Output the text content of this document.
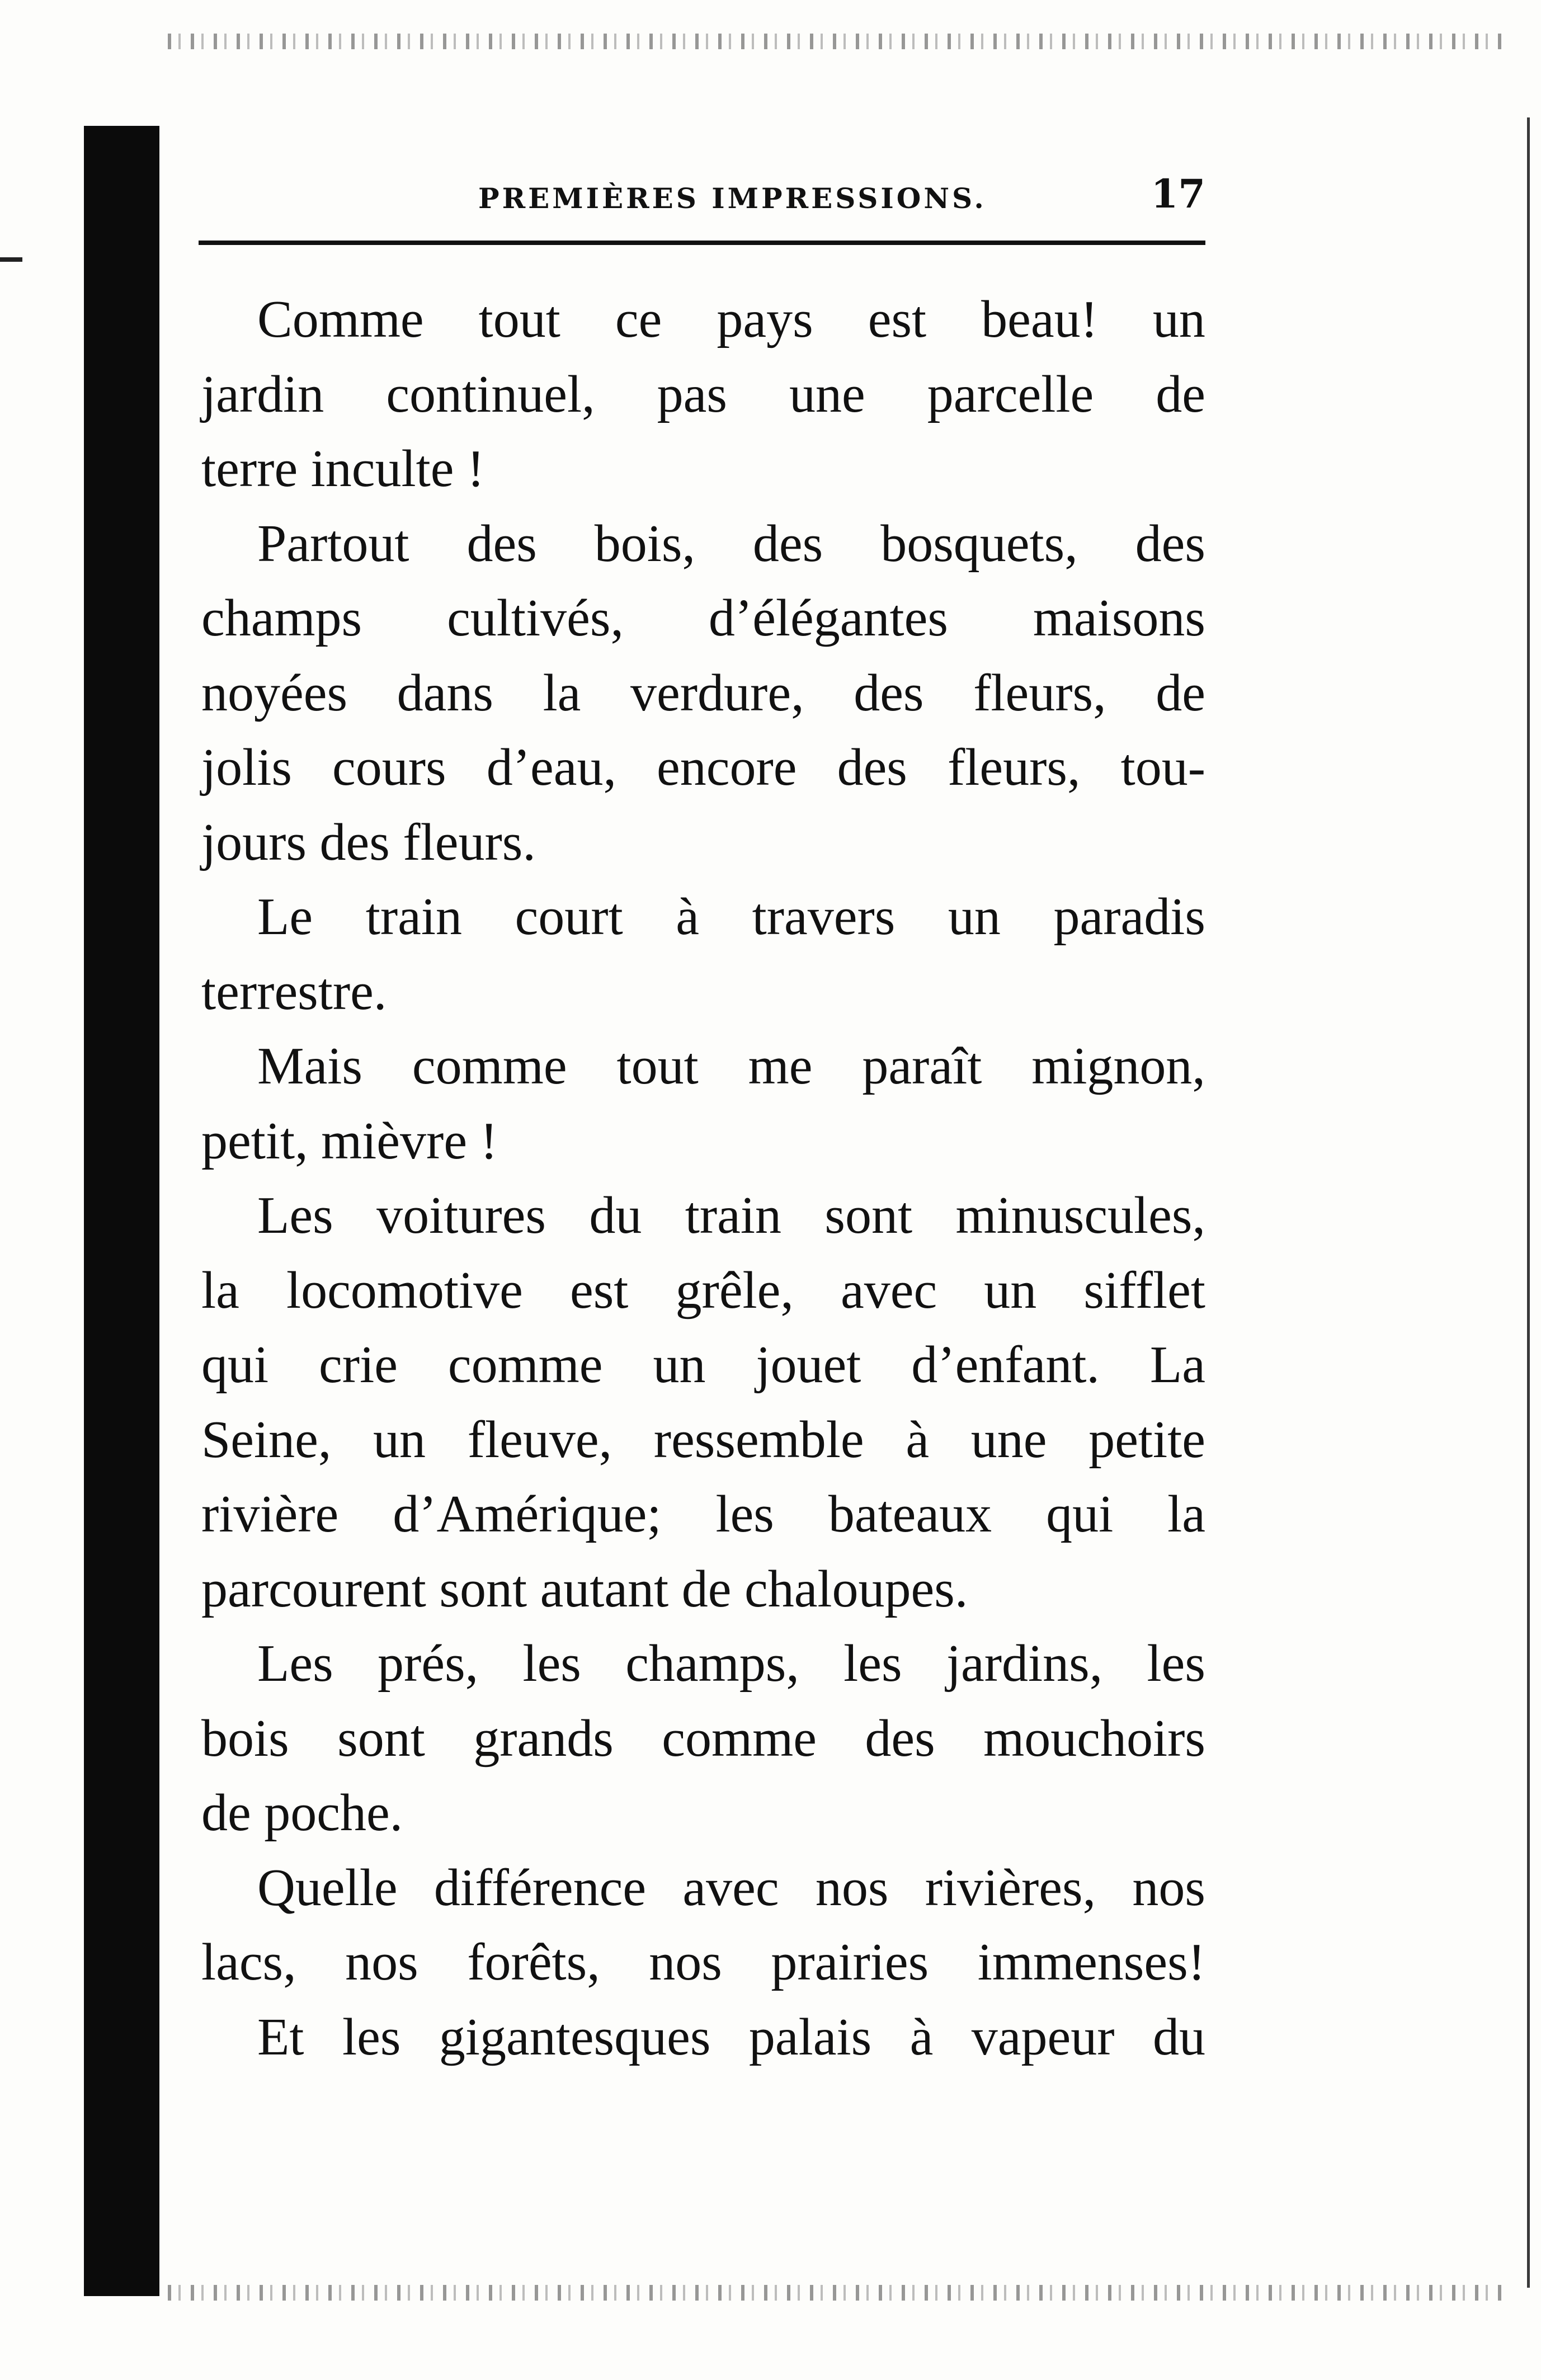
PREMIÈRES IMPRESSIONS.	17
Comme tout ce pays est beau! un
jardin continuel, pas une parcelle de
terre inculte !
Partout des bois, des bosquets, des
champs cultivés, d’élégantes maisons
noyées dans la verdure, des fleurs, de
jolis cours d’eau, encore des fleurs, tou-
jours des fleurs.
Le train court à travers un paradis
terrestre.
Mais comme tout me paraît mignon,
petit, mièvre !
Les voitures du train sont minuscules,
la locomotive est grêle, avec un sifflet
qui crie comme un jouet d’enfant. La
Seine, un fleuve, ressemble à une petite
rivière d’Amérique; les bateaux qui la
parcourent sont autant de chaloupes.
Les prés, les champs, les jardins, les
bois sont grands comme des mouchoirs
de poche.
Quelle différence avec nos rivières, nos
lacs, nos forêts, nos prairies immenses!
Et les gigantesques palais à vapeur du
